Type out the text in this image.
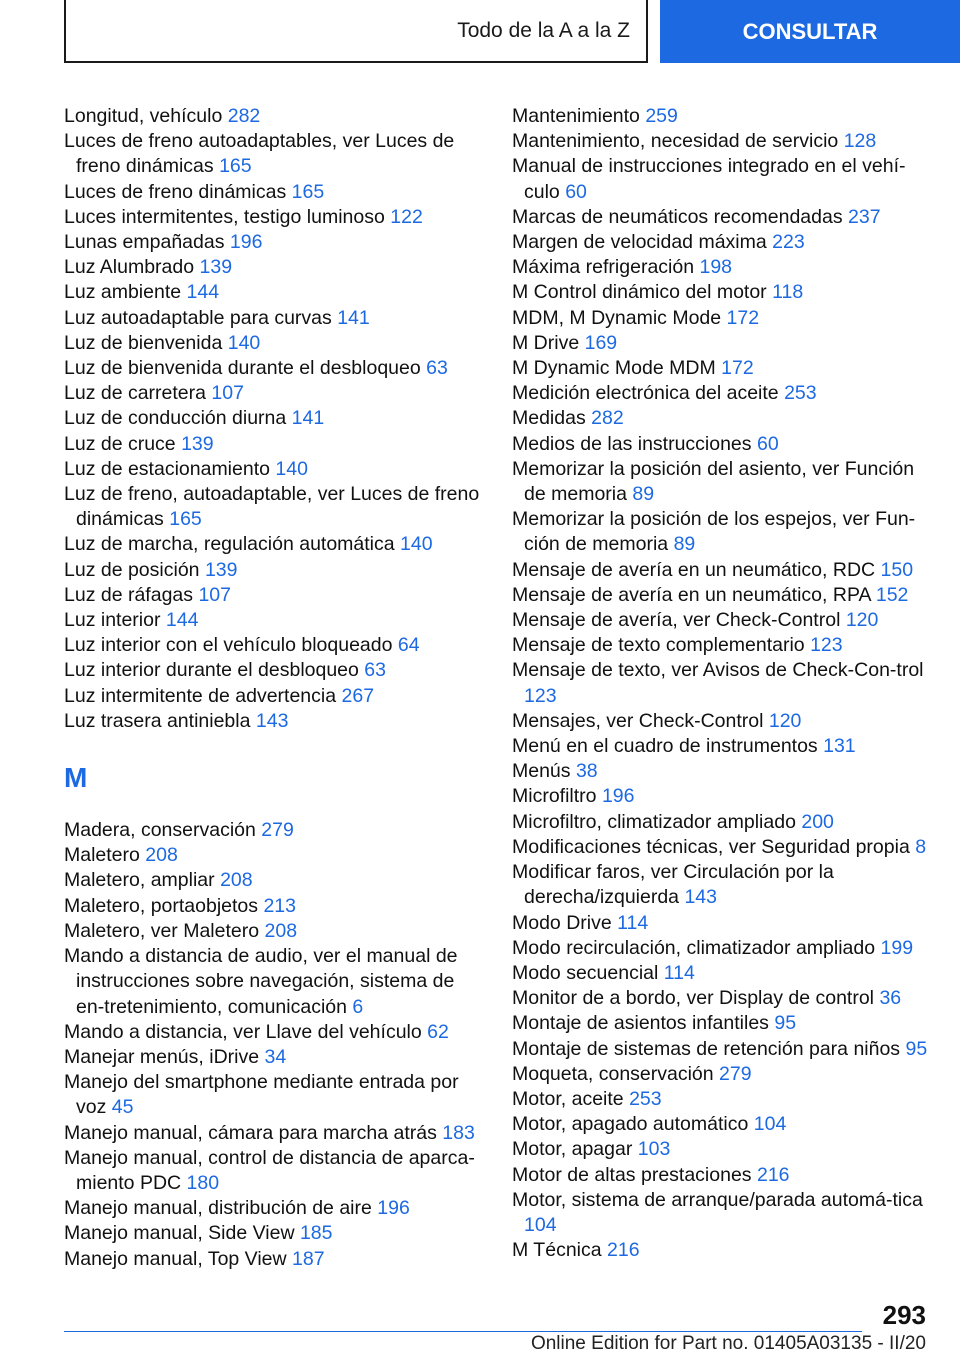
Todo de la A a la Z	CONSULTAR

Longitud, vehículo 282

Luces de freno autoadaptables, ver Luces de freno dinámicas 165

Luces de freno dinámicas 165

Luces intermitentes, testigo luminoso 122

Lunas empañadas 196

Luz Alumbrado 139

Luz ambiente 144

Luz autoadaptable para curvas 141

Luz de bienvenida 140

Luz de bienvenida durante el desbloqueo 63

Luz de carretera 107

Luz de conducción diurna 141

Luz de cruce 139

Luz de estacionamiento 140

Luz de freno, autoadaptable, ver Luces de freno dinámicas 165

Luz de marcha, regulación automática 140

Luz de posición 139

Luz de ráfagas 107

Luz interior 144

Luz interior con el vehículo bloqueado 64

Luz interior durante el desbloqueo 63

Luz intermitente de advertencia 267

Luz trasera antiniebla 143

M

Madera, conservación 279

Maletero 208

Maletero, ampliar 208

Maletero, portaobjetos 213

Maletero, ver Maletero 208

Mando a distancia de audio, ver el manual de instrucciones sobre navegación, sistema de en‐tretenimiento, comunicación 6

Mando a distancia, ver Llave del vehículo 62

Manejar menús, iDrive 34

Manejo del smartphone mediante entrada por voz 45

Manejo manual, cámara para marcha atrás 183

Manejo manual, control de distancia de aparca‐miento PDC 180

Manejo manual, distribución de aire 196

Manejo manual, Side View 185

Manejo manual, Top View 187

Mantenimiento 259

Mantenimiento, necesidad de servicio 128

Manual de instrucciones integrado en el vehí‐culo 60

Marcas de neumáticos recomendadas 237

Margen de velocidad máxima 223

Máxima refrigeración 198

M Control dinámico del motor 118

MDM, M Dynamic Mode 172

M Drive 169

M Dynamic Mode MDM 172

Medición electrónica del aceite 253

Medidas 282

Medios de las instrucciones 60

Memorizar la posición del asiento, ver Función de memoria 89

Memorizar la posición de los espejos, ver Fun‐ción de memoria 89

Mensaje de avería en un neumático, RDC 150

Mensaje de avería en un neumático, RPA 152

Mensaje de avería, ver Check-Control 120

Mensaje de texto complementario 123

Mensaje de texto, ver Avisos de Check-Con‐trol 123

Mensajes, ver Check-Control 120

Menú en el cuadro de instrumentos 131

Menús 38

Microfiltro 196

Microfiltro, climatizador ampliado 200

Modificaciones técnicas, ver Seguridad propia 8

Modificar faros, ver Circulación por la derecha/izquierda 143

Modo Drive 114

Modo recirculación, climatizador ampliado 199

Modo secuencial 114

Monitor de a bordo, ver Display de control 36

Montaje de asientos infantiles 95

Montaje de sistemas de retención para niños 95

Moqueta, conservación 279

Motor, aceite 253

Motor, apagado automático 104

Motor, apagar 103

Motor de altas prestaciones 216

Motor, sistema de arranque/parada automá‐tica 104

M Técnica 216

293
Online Edition for Part no. 01405A03135 - II/20
